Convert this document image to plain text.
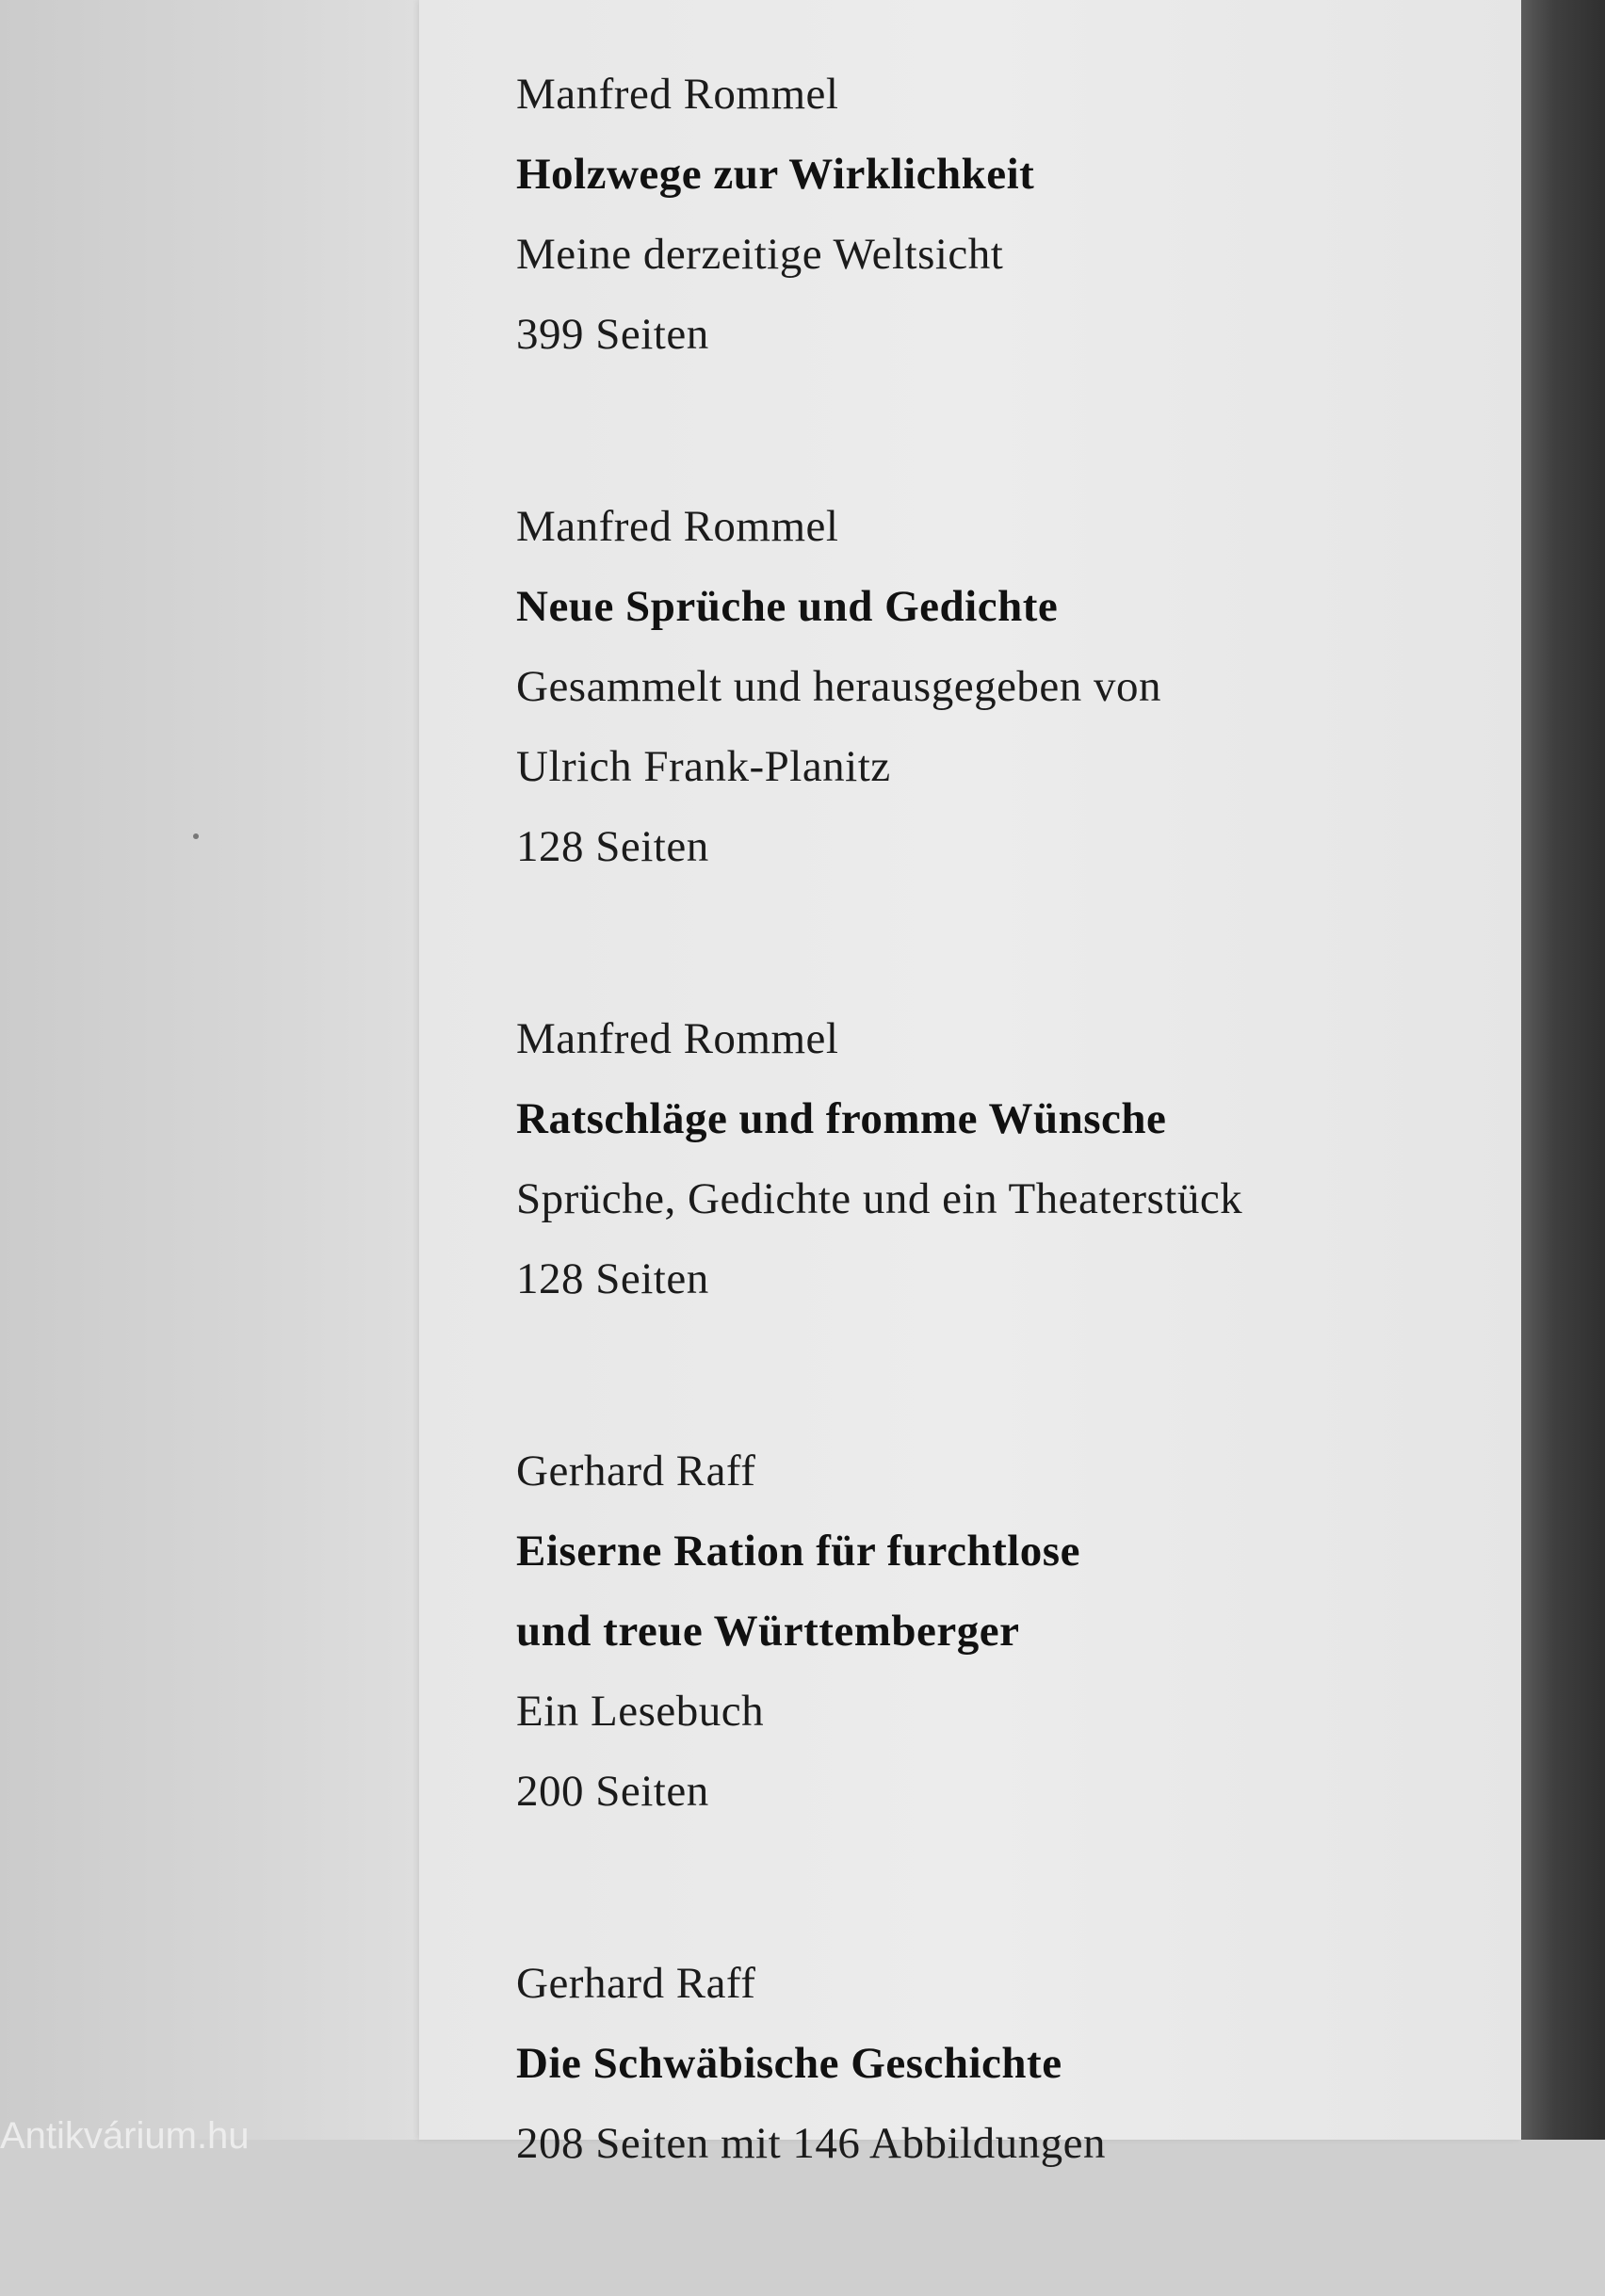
Manfred Rommel
Holzwege zur Wirklichkeit
Meine derzeitige Weltsicht
399 Seiten
Manfred Rommel
Neue Sprüche und Gedichte
Gesammelt und herausgegeben von
Ulrich Frank-Planitz
128 Seiten
Manfred Rommel
Ratschläge und fromme Wünsche
Sprüche, Gedichte und ein Theaterstück
128 Seiten
Gerhard Raff
Eiserne Ration für furchtlose
und treue Württemberger
Ein Lesebuch
200 Seiten
Gerhard Raff
Die Schwäbische Geschichte
208 Seiten mit 146 Abbildungen
Antikvárium.hu
